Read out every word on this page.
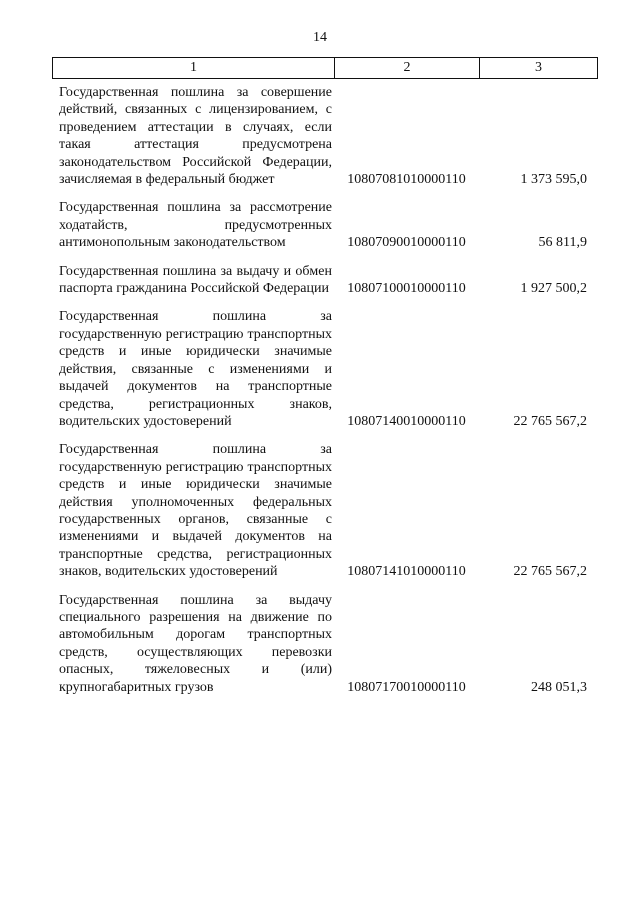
14
1	2	3
Государственная пошлина за совершение действий, связанных с лицензированием, с проведением аттестации в случаях, если такая аттестация предусмотрена законодательством Российской Федерации, зачисляемая в федеральный бюджет	10807081010000110	1 373 595,0
Государственная пошлина за рассмотрение ходатайств, предусмотренных антимонопольным законодательством	10807090010000110	56 811,9
Государственная пошлина за выдачу и обмен паспорта гражданина Российской Федерации	10807100010000110	1 927 500,2
Государственная пошлина за государственную регистрацию транспортных средств и иные юридически значимые действия, связанные с изменениями и выдачей документов на транспортные средства, регистрационных знаков, водительских удостоверений	10807140010000110	22 765 567,2
Государственная пошлина за государственную регистрацию транспортных средств и иные юридически значимые действия уполномоченных федеральных государственных органов, связанные с изменениями и выдачей документов на транспортные средства, регистрационных знаков, водительских удостоверений	10807141010000110	22 765 567,2
Государственная пошлина за выдачу специального разрешения на движение по автомобильным дорогам транспортных средств, осуществляющих перевозки опасных, тяжеловесных и (или) крупногабаритных грузов	10807170010000110	248 051,3
